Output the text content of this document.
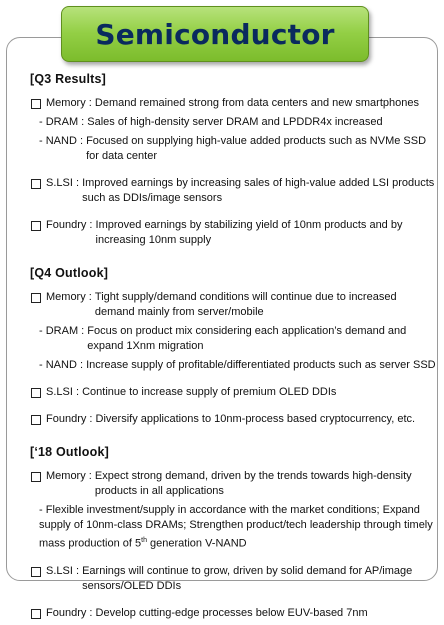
Semiconductor
[Q3 Results]
Memory : Demand remained strong from data centers and new smartphones
- DRAM : Sales of high-density server DRAM and LPDDR4x increased
- NAND : Focused on supplying high-value added products such as NVMe SSD for data center
S.LSI : Improved earnings by increasing sales of high-value added LSI products such as DDIs/image sensors
Foundry : Improved earnings by stabilizing yield of 10nm products and by increasing 10nm supply
[Q4 Outlook]
Memory : Tight supply/demand conditions will continue due to increased demand mainly from server/mobile
- DRAM : Focus on product mix considering each application’s demand and expand 1Xnm migration
- NAND : Increase supply of profitable/differentiated products such as server SSD
S.LSI : Continue to increase supply of premium OLED DDIs
Foundry : Diversify applications to 10nm-process based cryptocurrency, etc.
[‘18 Outlook]
Memory : Expect strong demand, driven by the trends towards high-density products in all applications
- Flexible investment/supply in accordance with the market conditions; Expand supply of 10nm-class DRAMs; Strengthen product/tech leadership through timely mass production of 5th generation V-NAND
S.LSI : Earnings will continue to grow, driven by solid demand for AP/image sensors/OLED DDIs
Foundry : Develop cutting-edge processes below EUV-based 7nm
